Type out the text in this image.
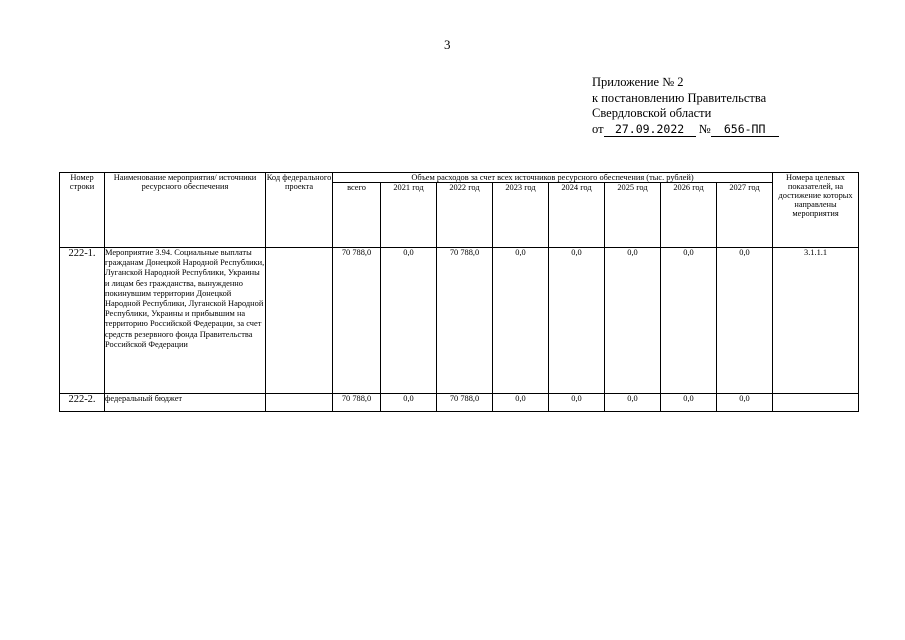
3
Приложение № 2
к постановлению Правительства
Свердловской области
от 27.09.2022 № 656-ПП
Номер строки	Наименование мероприятия/ источники ресурсного обеспечения	Код федерального проекта	Объем расходов за счет всех источников ресурсного обеспечения (тыс. рублей)								Номера целевых показателей, на достижение которых направлены мероприятия
			всего	2021 год	2022 год	2023 год	2024 год	2025 год	2026 год	2027 год	
222-1.	Мероприятие 3.94. Социальные выплаты гражданам Донецкой Народной Республики, Луганской Народной Республики, Украины и лицам без гражданства, вынужденно покинувшим территории Донецкой Народной Республики, Луганской Народной Республики, Украины и прибывшим на территорию Российской Федерации, за счет средств резервного фонда Правительства Российской Федерации		70 788,0	0,0	70 788,0	0,0	0,0	0,0	0,0	0,0	3.1.1.1
222-2.	федеральный бюджет		70 788,0	0,0	70 788,0	0,0	0,0	0,0	0,0	0,0	
